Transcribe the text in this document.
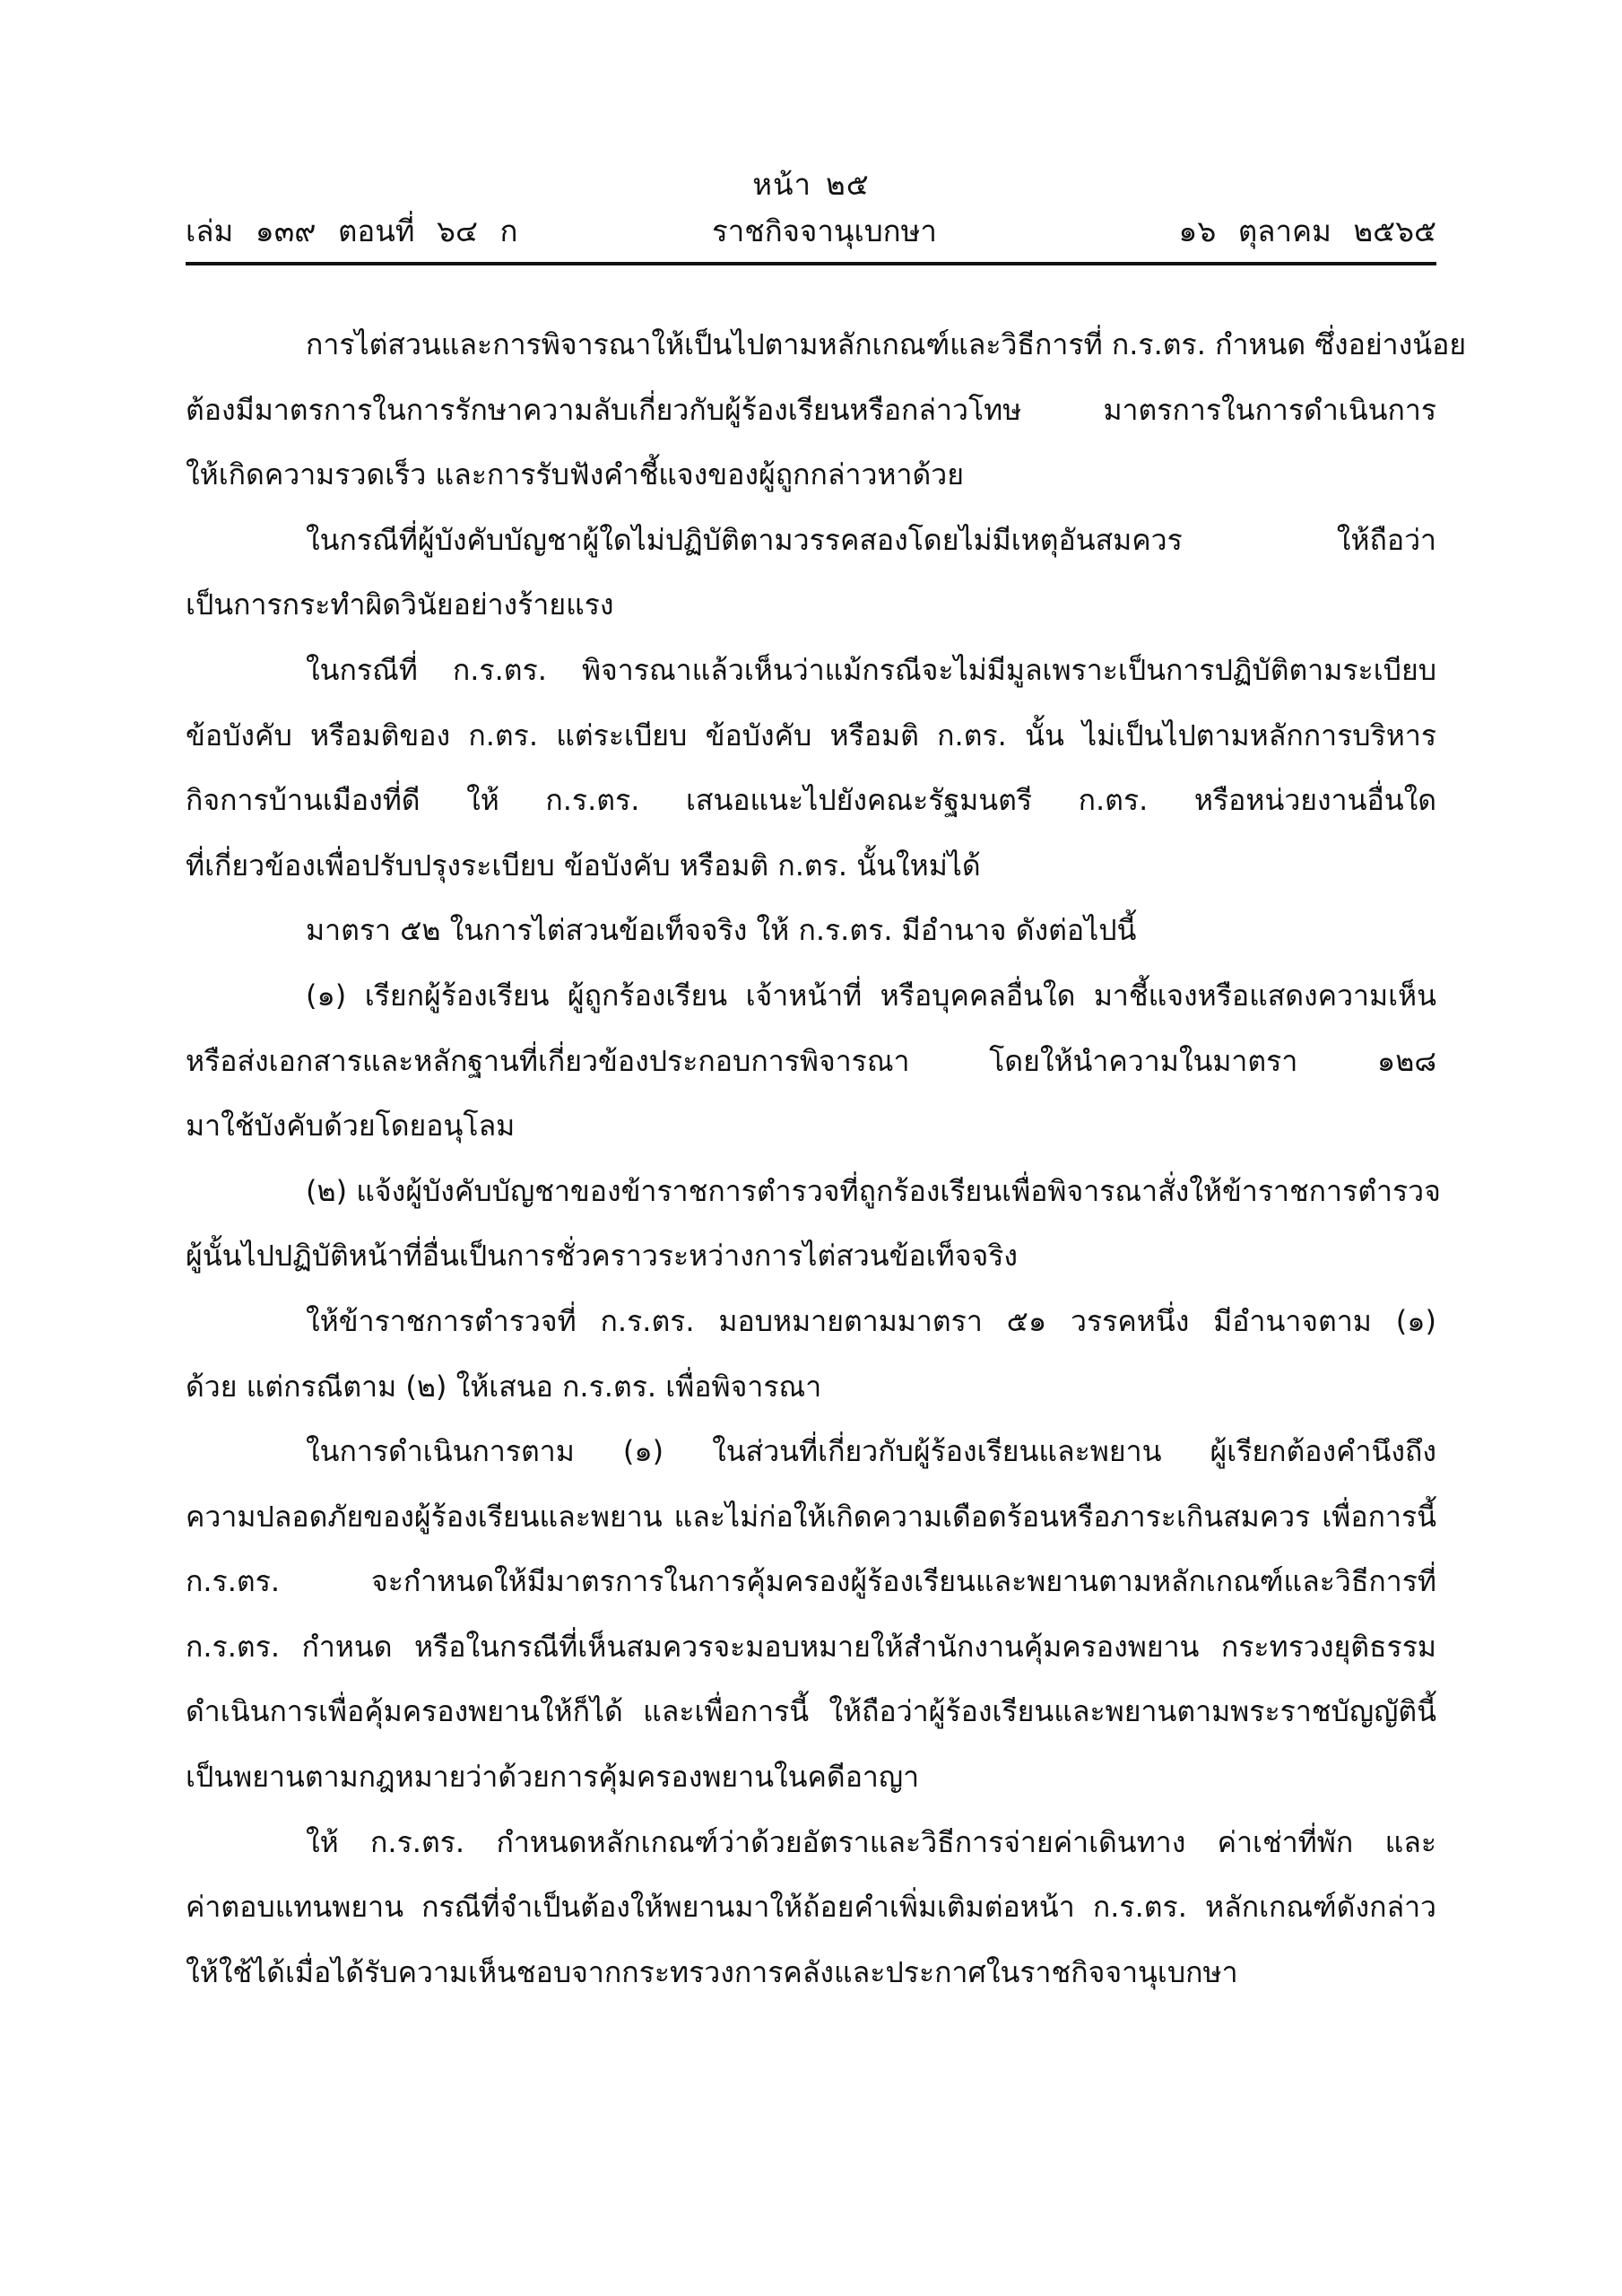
หน้า ๒๕
เล่ม ๑๓๙ ตอนที่ ๖๔ ก	ราชกิจจานุเบกษา	๑๖ ตุลาคม ๒๕๖๕
การไต่สวนและการพิจารณาให้เป็นไปตามหลักเกณฑ์และวิธีการที่ ก.ร.ตร. กำหนด ซึ่งอย่างน้อย
ต้องมีมาตรการในการรักษาความลับเกี่ยวกับผู้ร้องเรียนหรือกล่าวโทษ มาตรการในการดำเนินการ
ให้เกิดความรวดเร็ว และการรับฟังคำชี้แจงของผู้ถูกกล่าวหาด้วย
ในกรณีที่ผู้บังคับบัญชาผู้ใดไม่ปฏิบัติตามวรรคสองโดยไม่มีเหตุอันสมควร ให้ถือว่า
เป็นการกระทำผิดวินัยอย่างร้ายแรง
ในกรณีที่ ก.ร.ตร. พิจารณาแล้วเห็นว่าแม้กรณีจะไม่มีมูลเพราะเป็นการปฏิบัติตามระเบียบ
ข้อบังคับ หรือมติของ ก.ตร. แต่ระเบียบ ข้อบังคับ หรือมติ ก.ตร. นั้น ไม่เป็นไปตามหลักการบริหาร
กิจการบ้านเมืองที่ดี ให้ ก.ร.ตร. เสนอแนะไปยังคณะรัฐมนตรี ก.ตร. หรือหน่วยงานอื่นใด
ที่เกี่ยวข้องเพื่อปรับปรุงระเบียบ ข้อบังคับ หรือมติ ก.ตร. นั้นใหม่ได้
มาตรา ๕๒ ในการไต่สวนข้อเท็จจริง ให้ ก.ร.ตร. มีอำนาจ ดังต่อไปนี้
(๑) เรียกผู้ร้องเรียน ผู้ถูกร้องเรียน เจ้าหน้าที่ หรือบุคคลอื่นใด มาชี้แจงหรือแสดงความเห็น
หรือส่งเอกสารและหลักฐานที่เกี่ยวข้องประกอบการพิจารณา โดยให้นำความในมาตรา ๑๒๘
มาใช้บังคับด้วยโดยอนุโลม
(๒) แจ้งผู้บังคับบัญชาของข้าราชการตำรวจที่ถูกร้องเรียนเพื่อพิจารณาสั่งให้ข้าราชการตำรวจ
ผู้นั้นไปปฏิบัติหน้าที่อื่นเป็นการชั่วคราวระหว่างการไต่สวนข้อเท็จจริง
ให้ข้าราชการตำรวจที่ ก.ร.ตร. มอบหมายตามมาตรา ๕๑ วรรคหนึ่ง มีอำนาจตาม (๑)
ด้วย แต่กรณีตาม (๒) ให้เสนอ ก.ร.ตร. เพื่อพิจารณา
ในการดำเนินการตาม (๑) ในส่วนที่เกี่ยวกับผู้ร้องเรียนและพยาน ผู้เรียกต้องคำนึงถึง
ความปลอดภัยของผู้ร้องเรียนและพยาน และไม่ก่อให้เกิดความเดือดร้อนหรือภาระเกินสมควร เพื่อการนี้
ก.ร.ตร. จะกำหนดให้มีมาตรการในการคุ้มครองผู้ร้องเรียนและพยานตามหลักเกณฑ์และวิธีการที่
ก.ร.ตร. กำหนด หรือในกรณีที่เห็นสมควรจะมอบหมายให้สำนักงานคุ้มครองพยาน กระทรวงยุติธรรม
ดำเนินการเพื่อคุ้มครองพยานให้ก็ได้ และเพื่อการนี้ ให้ถือว่าผู้ร้องเรียนและพยานตามพระราชบัญญัตินี้
เป็นพยานตามกฎหมายว่าด้วยการคุ้มครองพยานในคดีอาญา
ให้ ก.ร.ตร. กำหนดหลักเกณฑ์ว่าด้วยอัตราและวิธีการจ่ายค่าเดินทาง ค่าเช่าที่พัก และ
ค่าตอบแทนพยาน กรณีที่จำเป็นต้องให้พยานมาให้ถ้อยคำเพิ่มเติมต่อหน้า ก.ร.ตร. หลักเกณฑ์ดังกล่าว
ให้ใช้ได้เมื่อได้รับความเห็นชอบจากกระทรวงการคลังและประกาศในราชกิจจานุเบกษา
